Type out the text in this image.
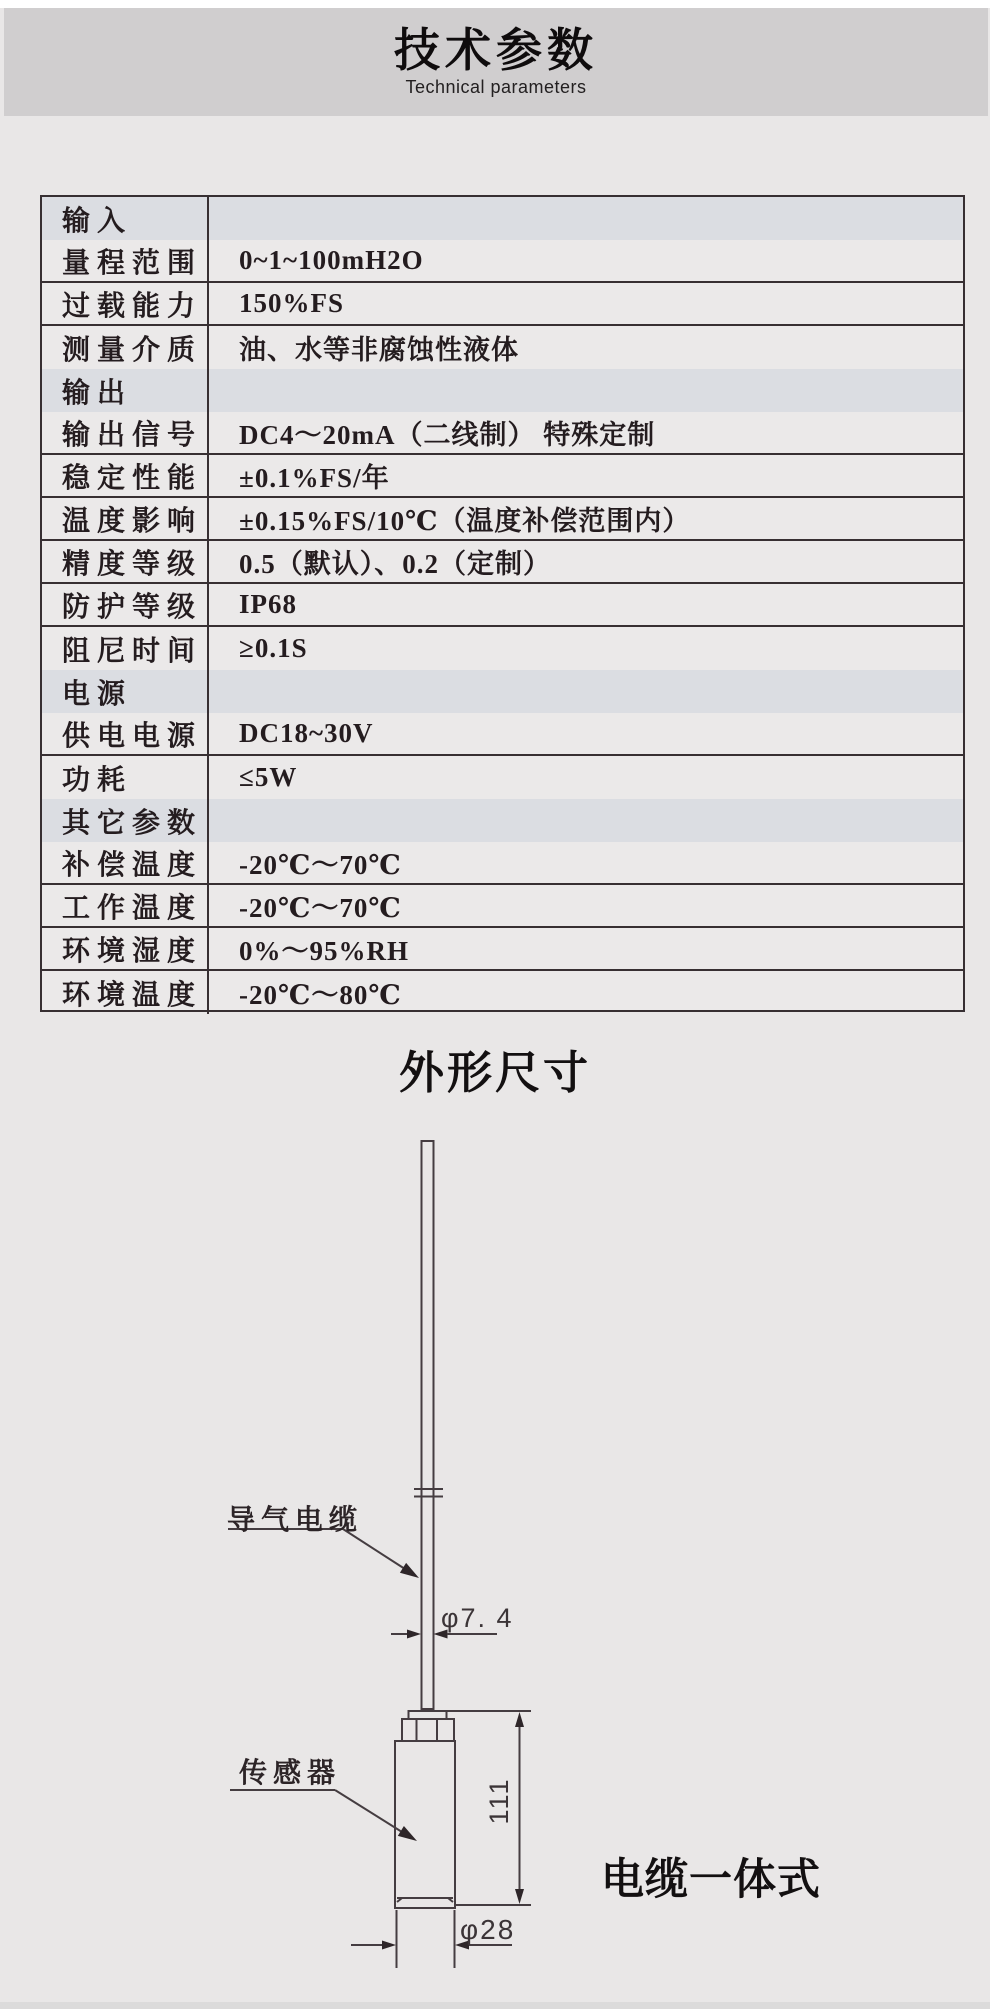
技术参数
Technical parameters
输入
量程范围	0~1~100mH2O
过载能力	150%FS
测量介质	油、水等非腐蚀性液体
输出
输出信号	DC4～20mA（二线制） 特殊定制
稳定性能	±0.1%FS/年
温度影响	±0.15%FS/10℃（温度补偿范围内）
精度等级	0.5（默认）、0.2（定制）
防护等级	IP68
阻尼时间	≥0.1S
电源
供电电源	DC18~30V
功耗	≤5W
其它参数
补偿温度	-20℃～70℃
工作温度	-20℃～70℃
环境湿度	0%～95%RH
环境温度	-20℃～80℃
外形尺寸
导气电缆
φ7. 4
传感器
111
φ28
电缆一体式
